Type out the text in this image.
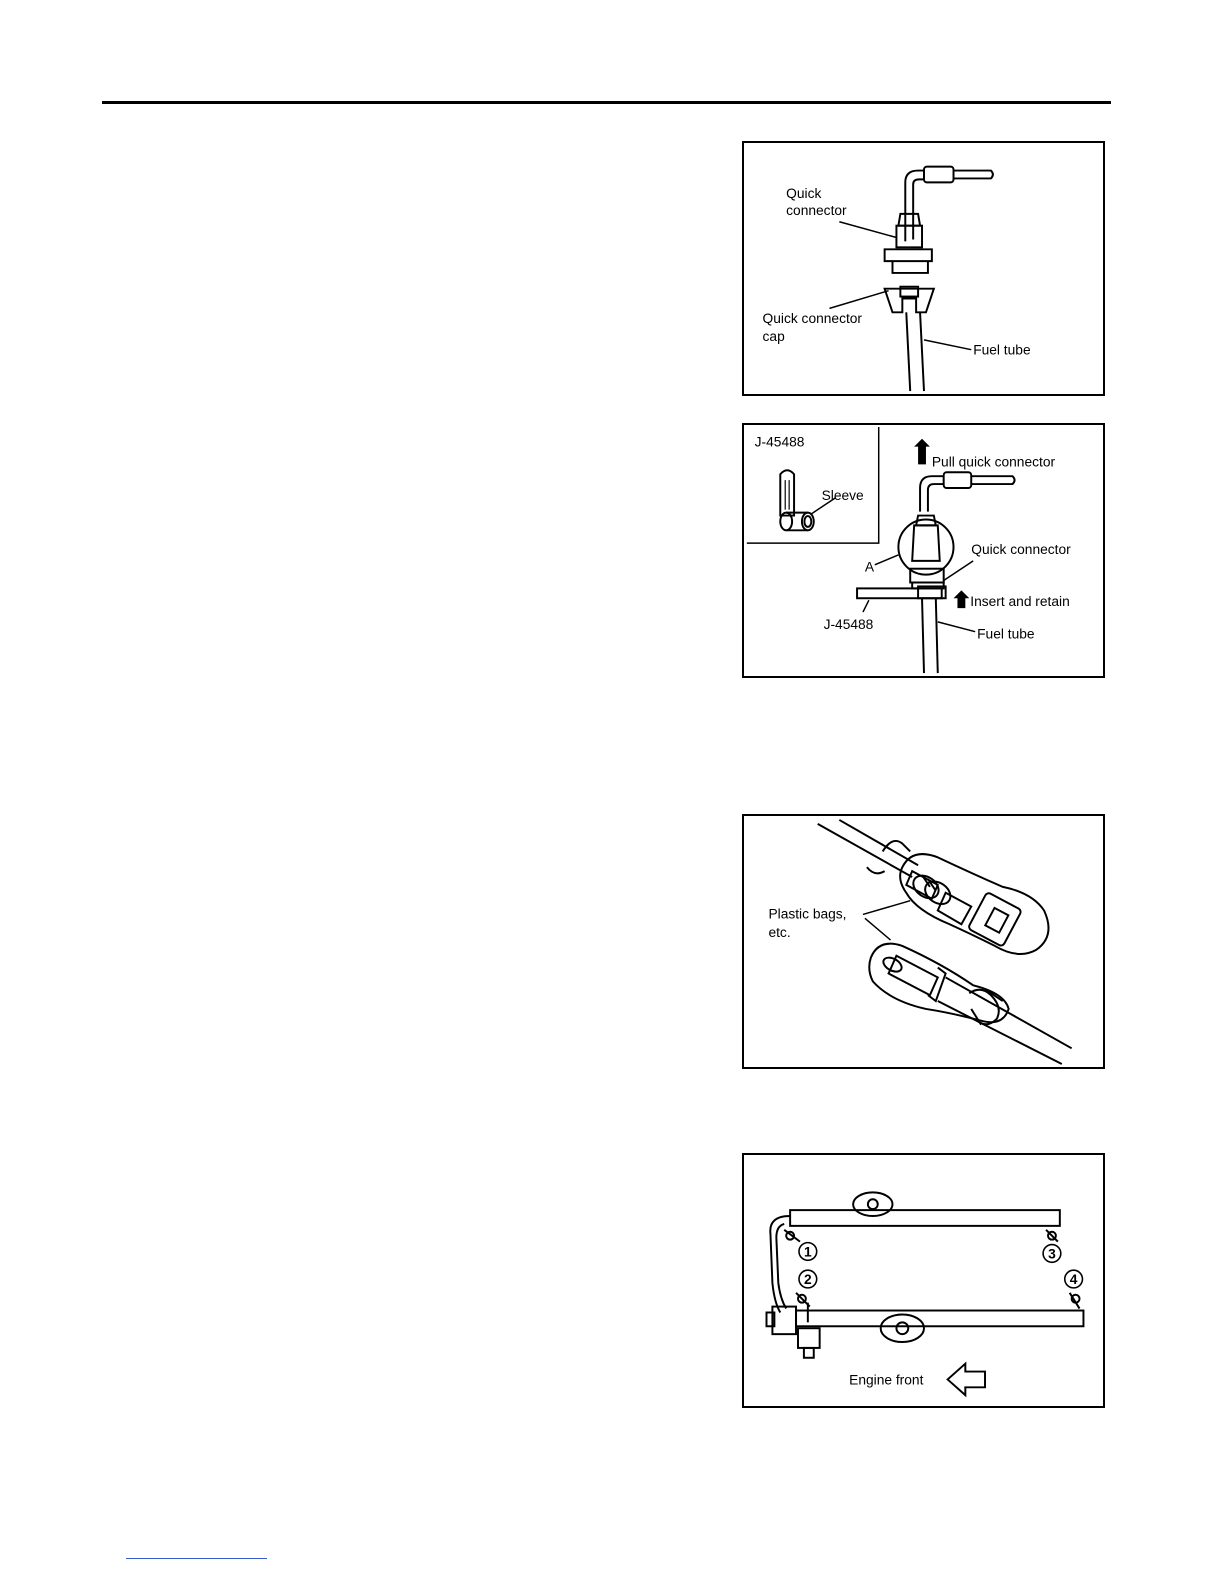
Quick
connector
Quick connector
cap
Fuel tube
J-45488
Sleeve
Pull quick connector
Quick connector
A
Insert and retain
J-45488
Fuel tube
Plastic bags,
etc.
1
2
3
4
Engine front
